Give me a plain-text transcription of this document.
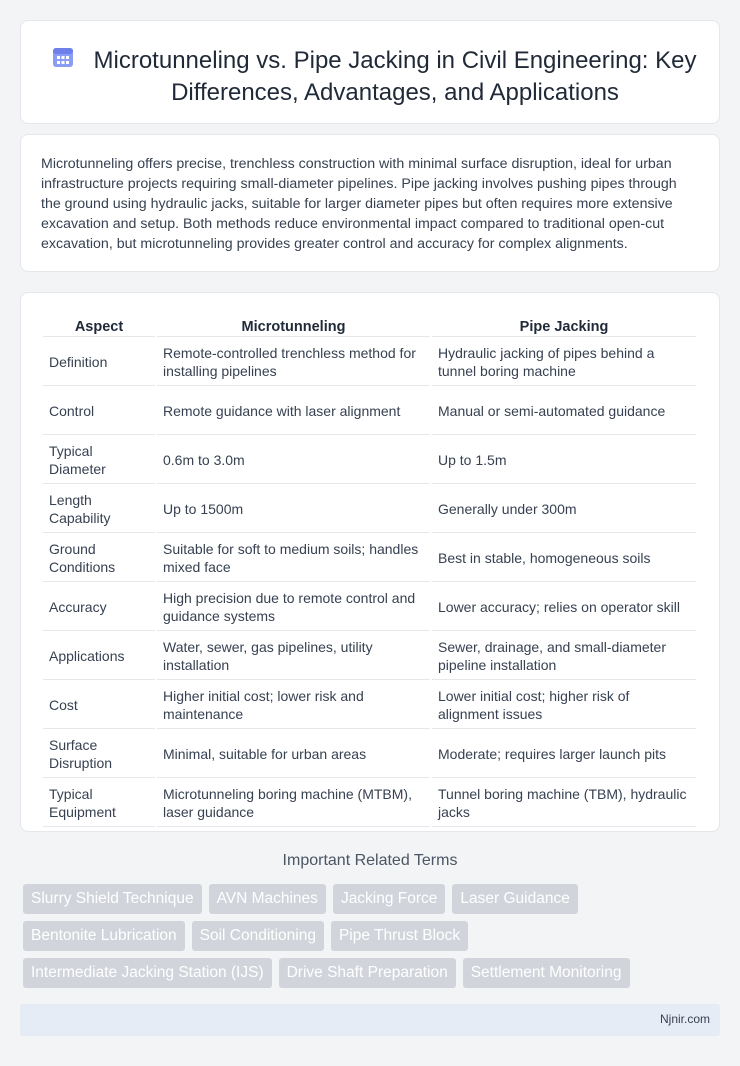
Microtunneling vs. Pipe Jacking in Civil Engineering: Key Differences, Advantages, and Applications

Microtunneling offers precise, trenchless construction with minimal surface disruption, ideal for urban infrastructure projects requiring small-diameter pipelines. Pipe jacking involves pushing pipes through the ground using hydraulic jacks, suitable for larger diameter pipes but often requires more extensive excavation and setup. Both methods reduce environmental impact compared to traditional open-cut excavation, but microtunneling provides greater control and accuracy for complex alignments.

Aspect	Microtunneling	Pipe Jacking
Definition	Remote-controlled trenchless method for installing pipelines	Hydraulic jacking of pipes behind a tunnel boring machine
Control	Remote guidance with laser alignment	Manual or semi-automated guidance
Typical Diameter	0.6m to 3.0m	Up to 1.5m
Length Capability	Up to 1500m	Generally under 300m
Ground Conditions	Suitable for soft to medium soils; handles mixed face	Best in stable, homogeneous soils
Accuracy	High precision due to remote control and guidance systems	Lower accuracy; relies on operator skill
Applications	Water, sewer, gas pipelines, utility installation	Sewer, drainage, and small-diameter pipeline installation
Cost	Higher initial cost; lower risk and maintenance	Lower initial cost; higher risk of alignment issues
Surface Disruption	Minimal, suitable for urban areas	Moderate; requires larger launch pits
Typical Equipment	Microtunneling boring machine (MTBM), laser guidance	Tunnel boring machine (TBM), hydraulic jacks
Important Related Terms
Slurry Shield Technique	AVN Machines	Jacking Force	Laser Guidance
Bentonite Lubrication	Soil Conditioning	Pipe Thrust Block
Intermediate Jacking Station (IJS)	Drive Shaft Preparation	Settlement Monitoring
Njnir.com
